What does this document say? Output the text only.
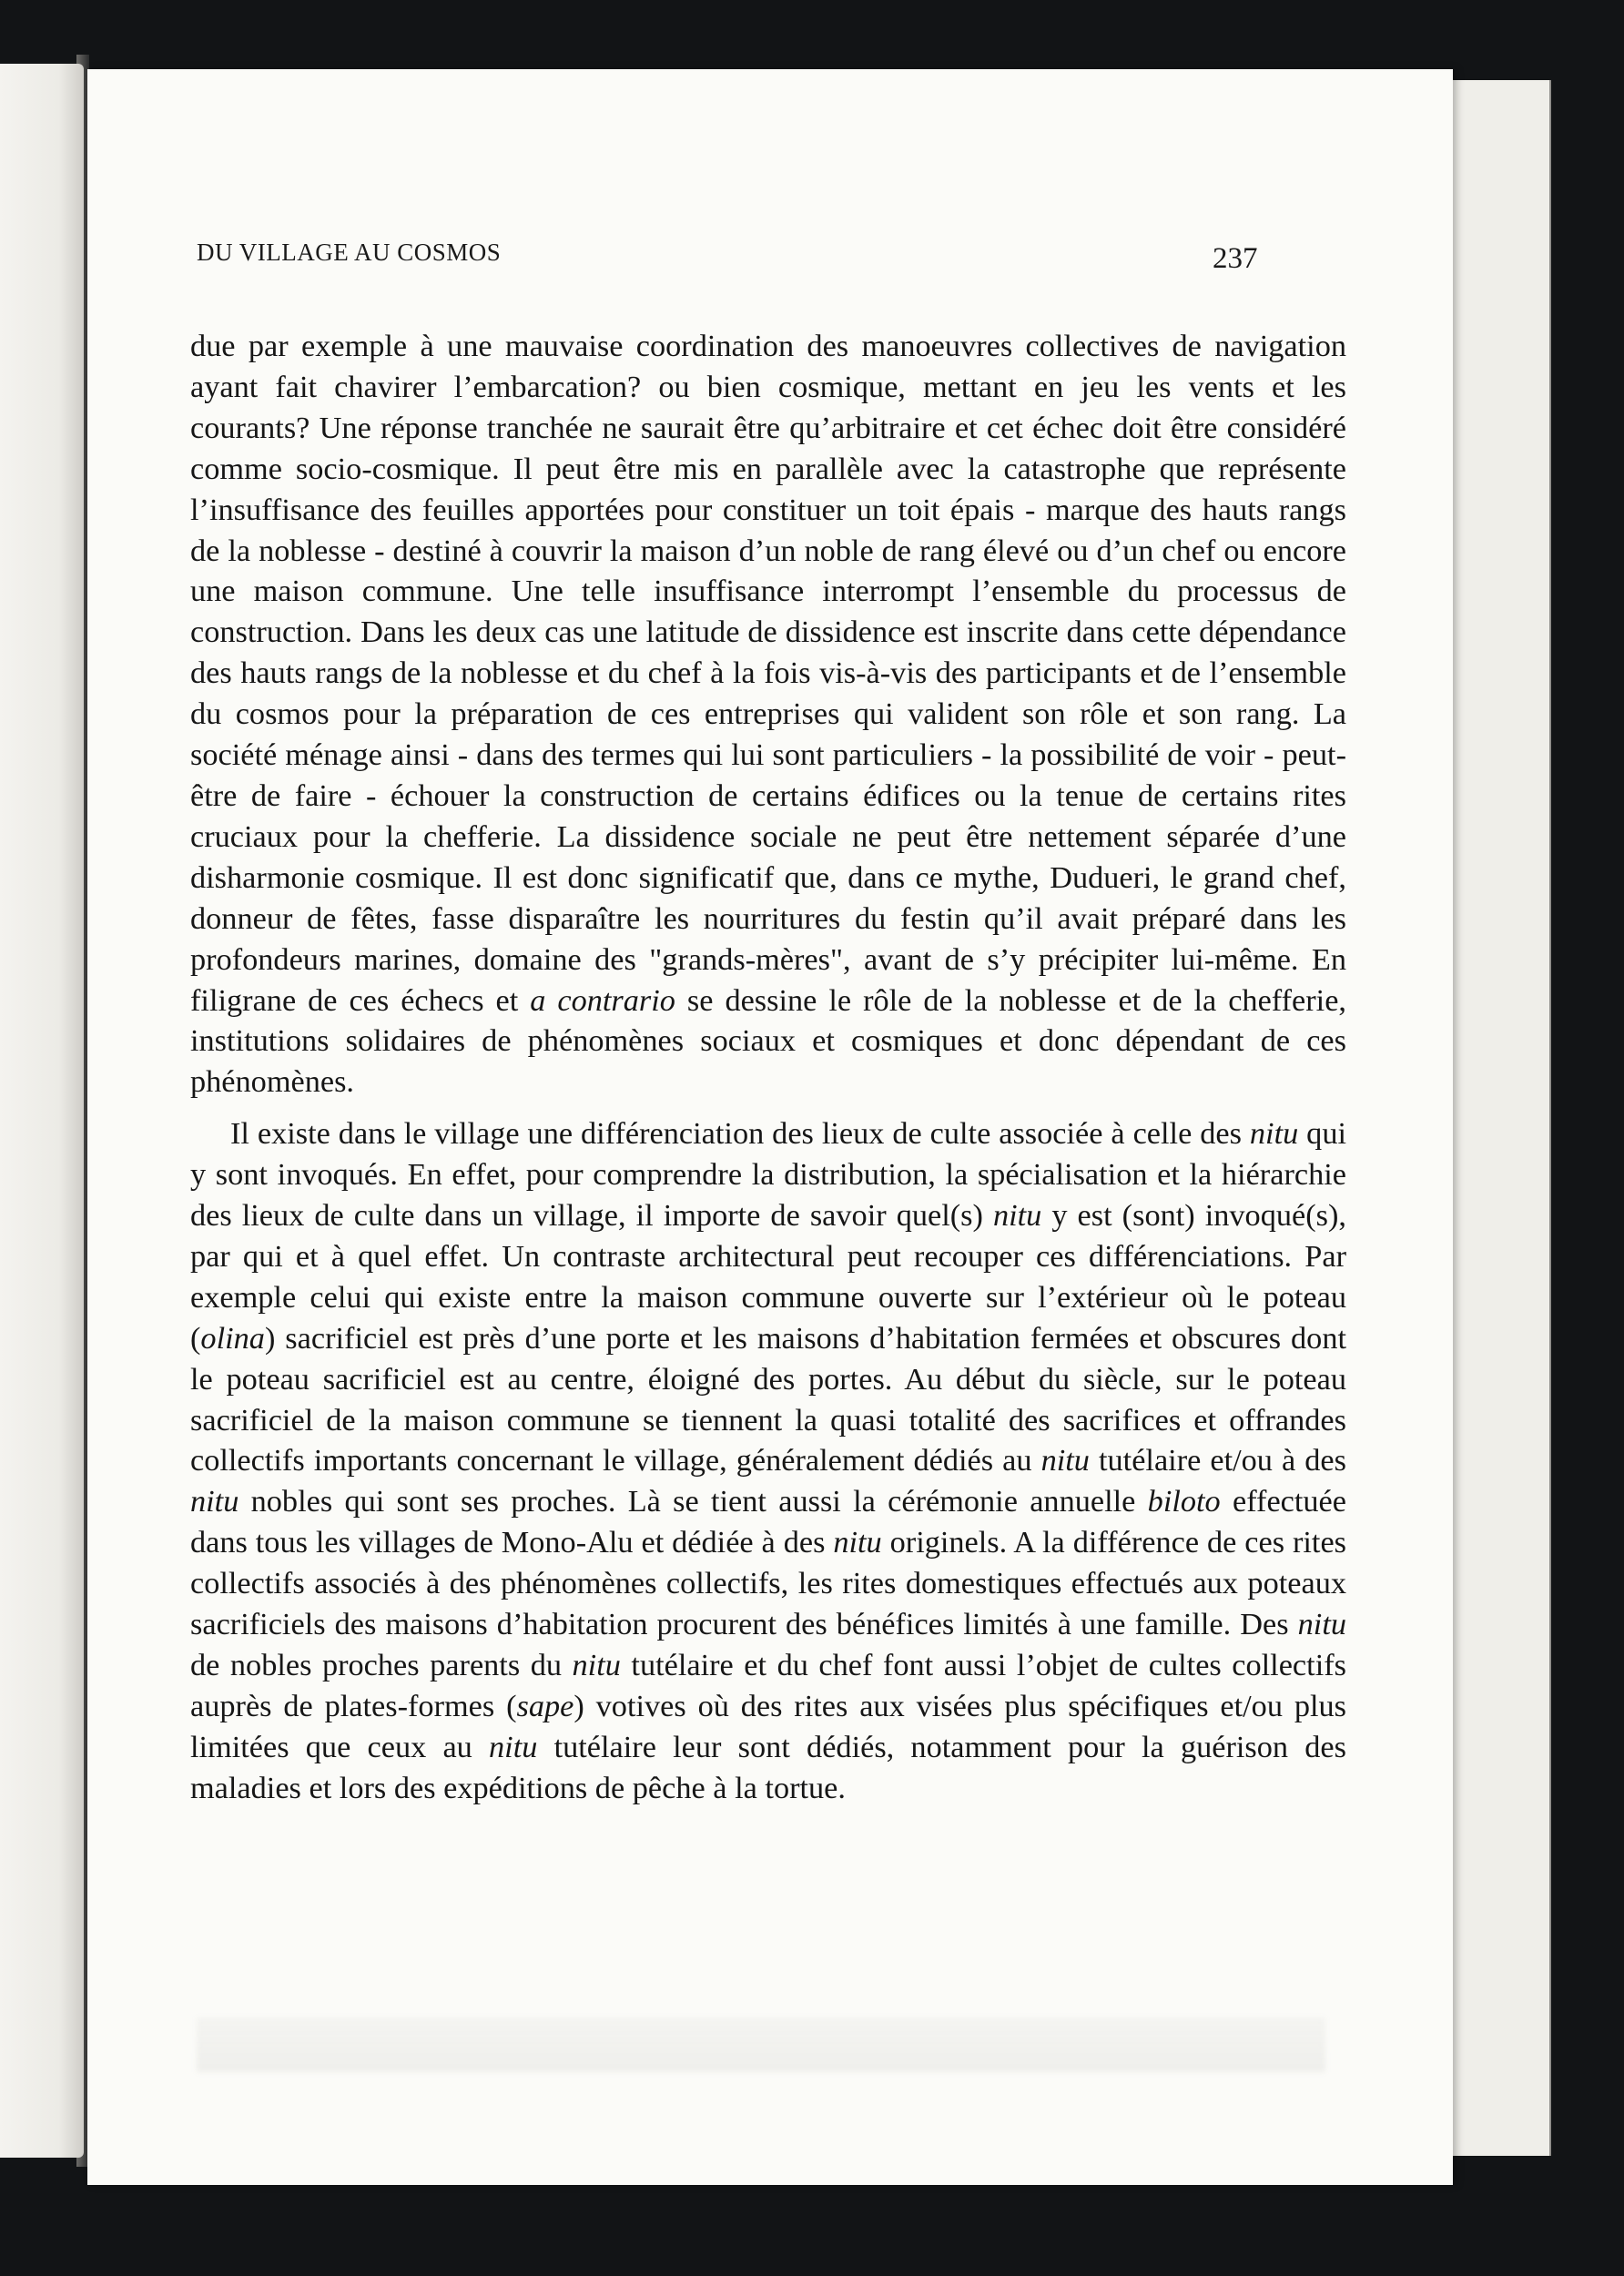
DU VILLAGE AU COSMOS	237

due par exemple à une mauvaise coordination des manoeuvres collectives de navigation ayant fait chavirer l’embarcation? ou bien cosmique, mettant en jeu les vents et les courants? Une réponse tranchée ne saurait être qu’arbitraire et cet échec doit être considéré comme socio-cosmique. Il peut être mis en parallèle avec la catastrophe que représente l’insuffisance des feuilles apportées pour constituer un toit épais - marque des hauts rangs de la noblesse - destiné à couvrir la maison d’un noble de rang élevé ou d’un chef ou encore une maison commune. Une telle insuffisance interrompt l’ensemble du processus de construction. Dans les deux cas une latitude de dissidence est inscrite dans cette dépendance des hauts rangs de la noblesse et du chef à la fois vis-à-vis des participants et de l’ensemble du cosmos pour la préparation de ces entreprises qui valident son rôle et son rang. La société ménage ainsi - dans des termes qui lui sont particuliers - la possibilité de voir - peut-être de faire - échouer la construction de certains édifices ou la tenue de certains rites cruciaux pour la chefferie. La dissidence sociale ne peut être nettement séparée d’une disharmonie cosmique. Il est donc significatif que, dans ce mythe, Duduerі, le grand chef, donneur de fêtes, fasse disparaître les nourritures du festin qu’il avait préparé dans les profondeurs marines, domaine des "grands-mères", avant de s’y précipiter lui-même. En filigrane de ces échecs et a contrario se dessine le rôle de la noblesse et de la chefferie, institutions solidaires de phénomènes sociaux et cosmiques et donc dépendant de ces phénomènes.

Il existe dans le village une différenciation des lieux de culte associée à celle des nitu qui y sont invoqués. En effet, pour comprendre la distribution, la spécialisation et la hiérarchie des lieux de culte dans un village, il importe de savoir quel(s) nitu y est (sont) invoqué(s), par qui et à quel effet. Un contraste architectural peut recouper ces différenciations. Par exemple celui qui existe entre la maison commune ouverte sur l’extérieur où le poteau (olina) sacrificiel est près d’une porte et les maisons d’habitation fermées et obscures dont le poteau sacrificiel est au centre, éloigné des portes. Au début du siècle, sur le poteau sacrificiel de la maison commune se tiennent la quasi totalité des sacrifices et offrandes collectifs importants concernant le village, généralement dédiés au nitu tutélaire et/ou à des nitu nobles qui sont ses proches. Là se tient aussi la cérémonie annuelle biloto effectuée dans tous les villages de Mono-Alu et dédiée à des nitu originels. A la différence de ces rites collectifs associés à des phénomènes collectifs, les rites domestiques effectués aux poteaux sacrificiels des maisons d’habitation procurent des bénéfices limités à une famille. Des nitu de nobles proches parents du nitu tutélaire et du chef font aussi l’objet de cultes collectifs auprès de plates-formes (sape) votives où des rites aux visées plus spécifiques et/ou plus limitées que ceux au nitu tutélaire leur sont dédiés, notamment pour la guérison des maladies et lors des expéditions de pêche à la tortue.
